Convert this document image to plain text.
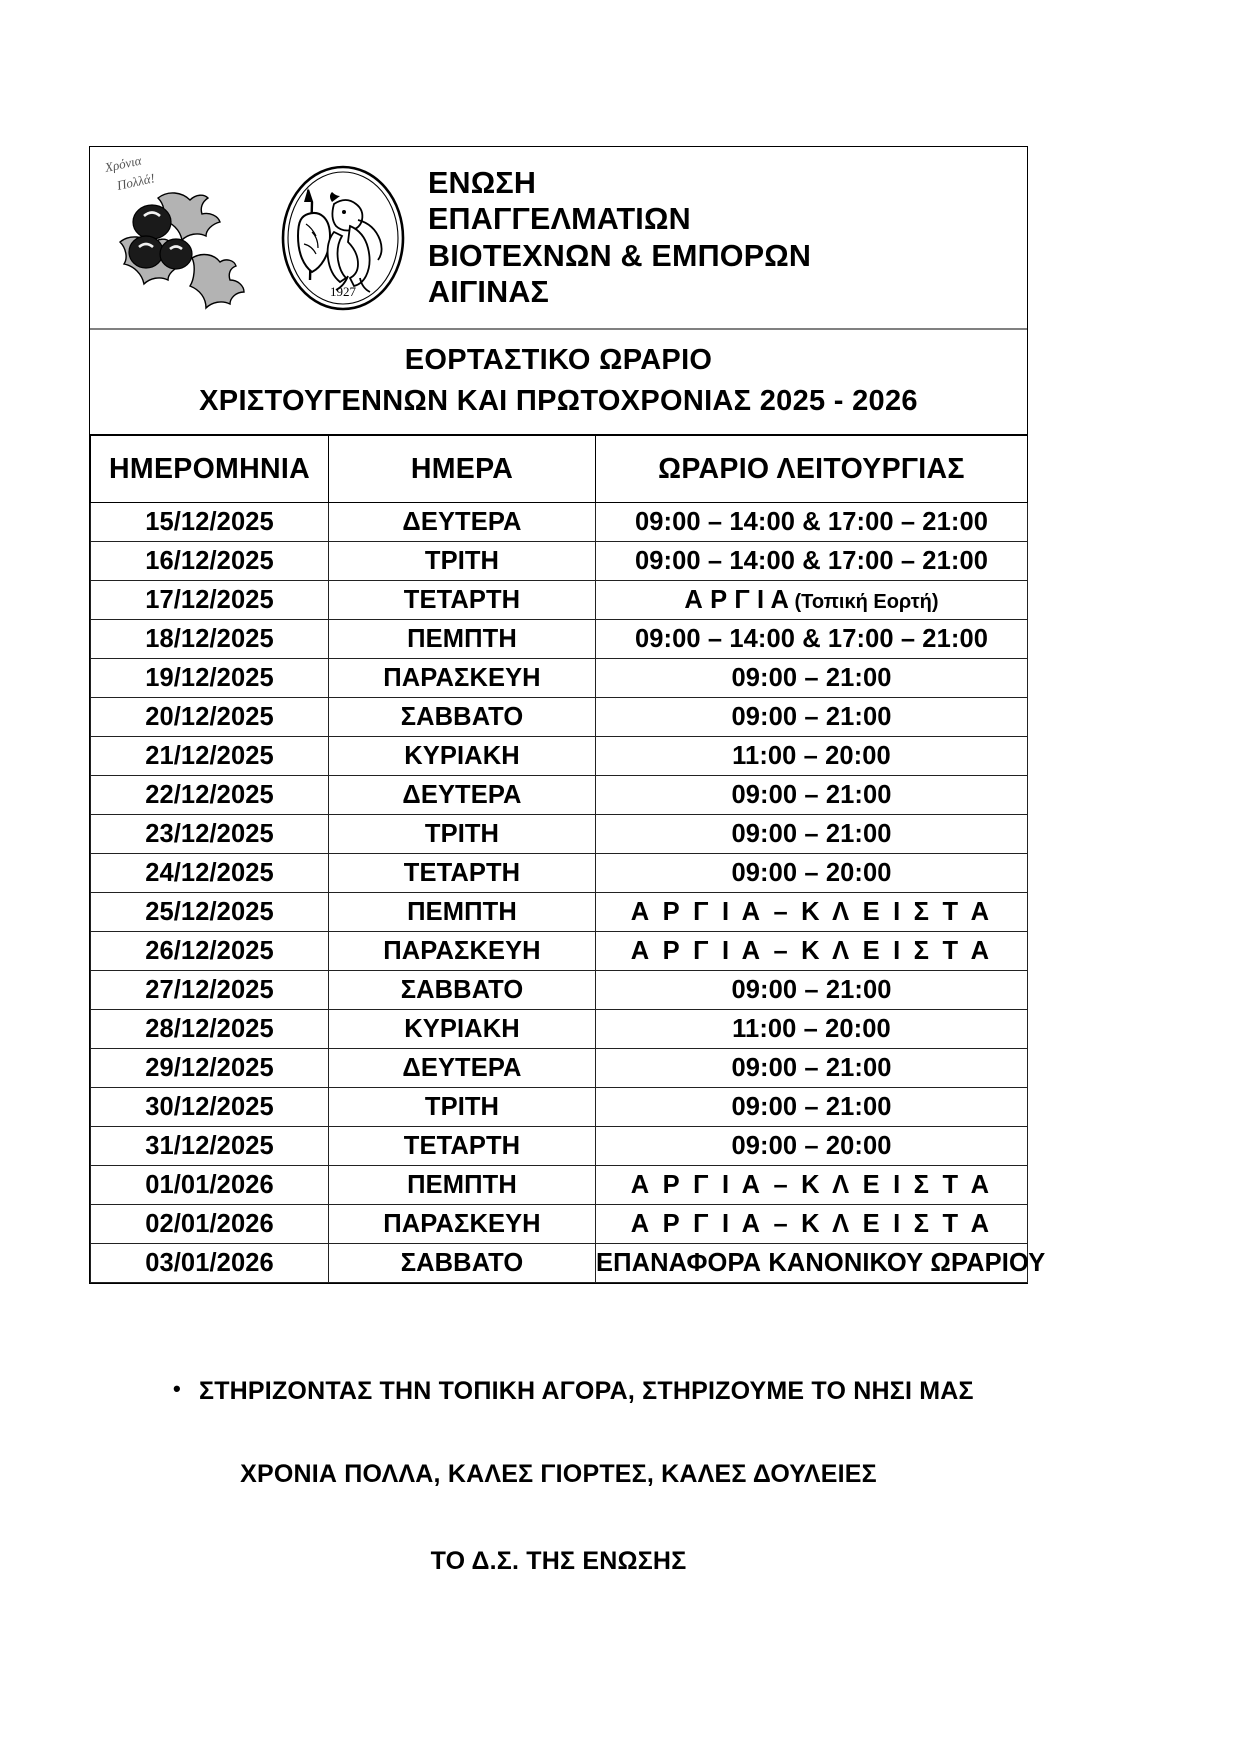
Χρόνια
Πολλά!
1927
ΕΝΩΣΗ
ΕΠΑΓΓΕΛΜΑΤΙΩΝ
ΒΙΟΤΕΧΝΩΝ & ΕΜΠΟΡΩΝ
ΑΙΓΙΝΑΣ
ΕΟΡΤΑΣΤΙΚΟ ΩΡΑΡΙΟ
ΧΡΙΣΤΟΥΓΕΝΝΩΝ ΚΑΙ ΠΡΩΤΟΧΡΟΝΙΑΣ 2025 - 2026
ΗΜΕΡΟΜΗΝΙΑ	ΗΜΕΡΑ	ΩΡΑΡΙΟ ΛΕΙΤΟΥΡΓΙΑΣ
15/12/2025	ΔΕΥΤΕΡΑ	09:00 – 14:00 & 17:00 – 21:00
16/12/2025	ΤΡΙΤΗ	09:00 – 14:00 & 17:00 – 21:00
17/12/2025	ΤΕΤΑΡΤΗ	Α Ρ Γ Ι Α (Τοπική Εορτή)
18/12/2025	ΠΕΜΠΤΗ	09:00 – 14:00 & 17:00 – 21:00
19/12/2025	ΠΑΡΑΣΚΕΥΗ	09:00 – 21:00
20/12/2025	ΣΑΒΒΑΤΟ	09:00 – 21:00
21/12/2025	ΚΥΡΙΑΚΗ	11:00 – 20:00
22/12/2025	ΔΕΥΤΕΡΑ	09:00 – 21:00
23/12/2025	ΤΡΙΤΗ	09:00 – 21:00
24/12/2025	ΤΕΤΑΡΤΗ	09:00 – 20:00
25/12/2025	ΠΕΜΠΤΗ	Α Ρ Γ Ι Α – Κ Λ Ε Ι Σ Τ Α
26/12/2025	ΠΑΡΑΣΚΕΥΗ	Α Ρ Γ Ι Α – Κ Λ Ε Ι Σ Τ Α
27/12/2025	ΣΑΒΒΑΤΟ	09:00 – 21:00
28/12/2025	ΚΥΡΙΑΚΗ	11:00 – 20:00
29/12/2025	ΔΕΥΤΕΡΑ	09:00 – 21:00
30/12/2025	ΤΡΙΤΗ	09:00 – 21:00
31/12/2025	ΤΕΤΑΡΤΗ	09:00 – 20:00
01/01/2026	ΠΕΜΠΤΗ	Α Ρ Γ Ι Α – Κ Λ Ε Ι Σ Τ Α
02/01/2026	ΠΑΡΑΣΚΕΥΗ	Α Ρ Γ Ι Α – Κ Λ Ε Ι Σ Τ Α
03/01/2026	ΣΑΒΒΑΤΟ	ΕΠΑΝΑΦΟΡΑ ΚΑΝΟΝΙΚΟΥ ΩΡΑΡΙΟΥ
• ΣΤΗΡΙΖΟΝΤΑΣ ΤΗΝ ΤΟΠΙΚΗ ΑΓΟΡΑ, ΣΤΗΡΙΖΟΥΜΕ ΤΟ ΝΗΣΙ ΜΑΣ
ΧΡΟΝΙΑ ΠΟΛΛΑ, ΚΑΛΕΣ ΓΙΟΡΤΕΣ, ΚΑΛΕΣ ΔΟΥΛΕΙΕΣ
ΤΟ Δ.Σ. ΤΗΣ ΕΝΩΣΗΣ
